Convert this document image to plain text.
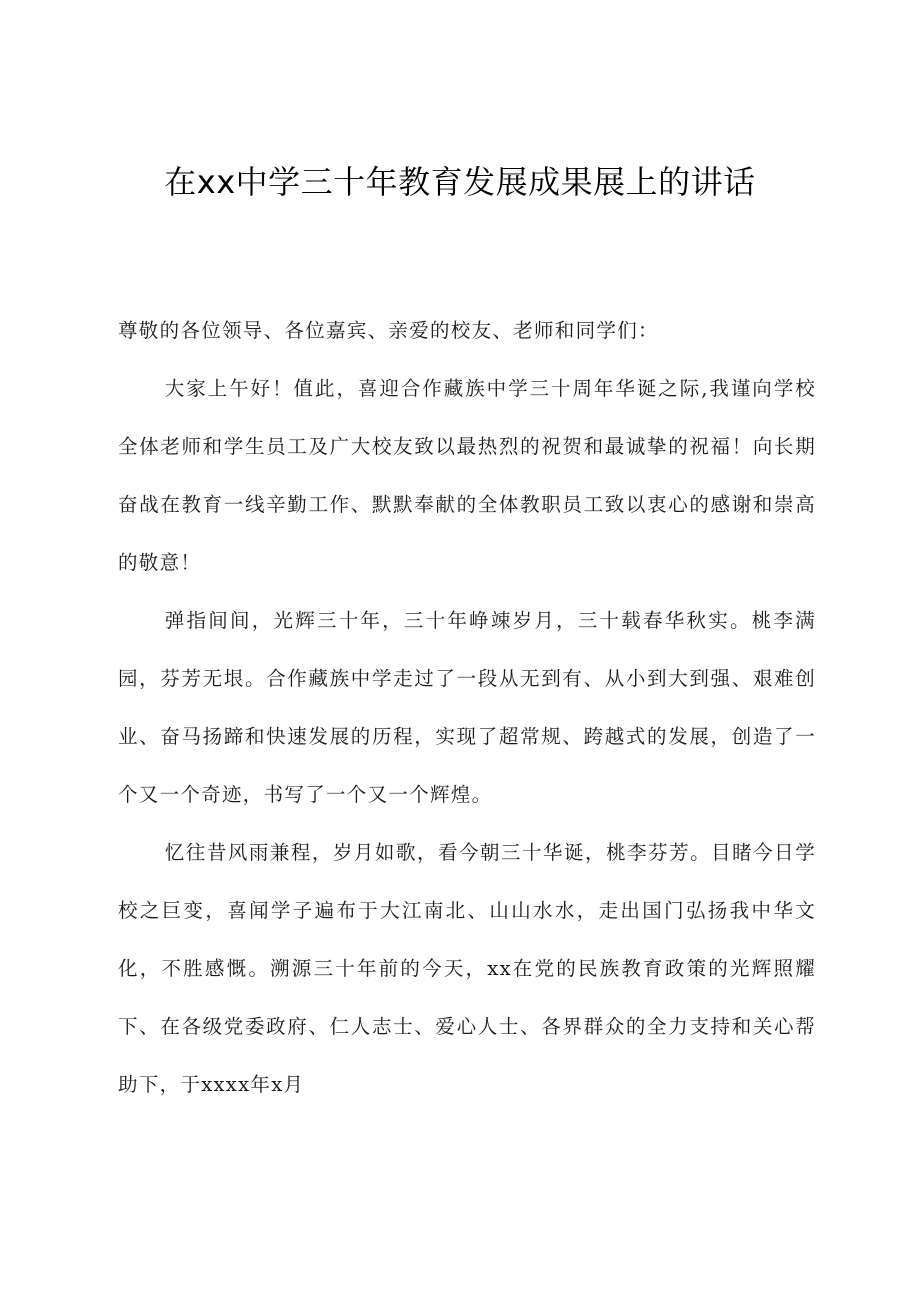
在xx中学三十年教育发展成果展上的讲话

尊敬的各位领导、各位嘉宾、亲爱的校友、老师和同学们：

大家上午好！值此，喜迎合作藏族中学三十周年华诞之际,我谨向学校全体老师和学生员工及广大校友致以最热烈的祝贺和最诚挚的祝福！向长期奋战在教育一线辛勤工作、默默奉献的全体教职员工致以衷心的感谢和崇高的敬意！

弹指间间，光辉三十年，三十年峥竦岁月，三十载春华秋实。桃李满园，芬芳无垠。合作藏族中学走过了一段从无到有、从小到大到强、艰难创业、奋马扬蹄和快速发展的历程，实现了超常规、跨越式的发展，创造了一个又一个奇迹，书写了一个又一个辉煌。

忆往昔风雨兼程，岁月如歌，看今朝三十华诞，桃李芬芳。目睹今日学校之巨变，喜闻学子遍布于大江南北、山山水水，走出国门弘扬我中华文化，不胜感慨。溯源三十年前的今天，xx在党的民族教育政策的光辉照耀下、在各级党委政府、仁人志士、爱心人士、各界群众的全力支持和关心帮助下，于xxxx年x月
